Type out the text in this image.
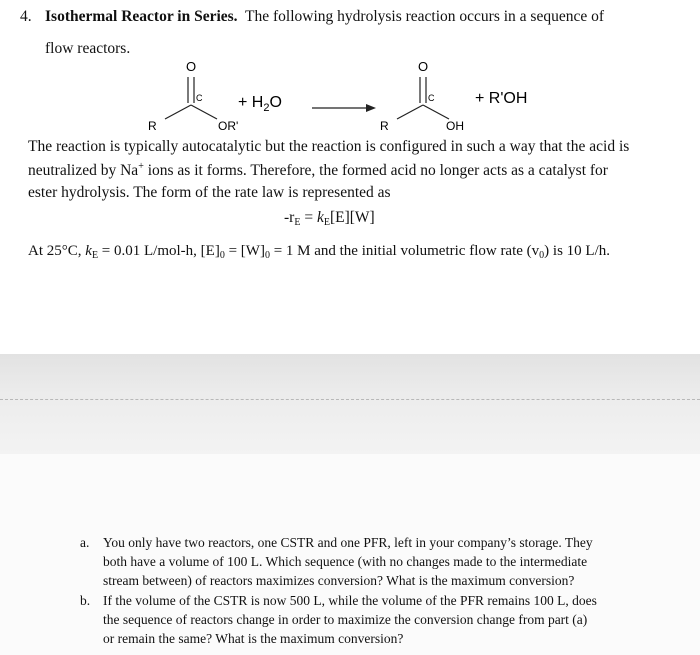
4. Isothermal Reactor in Series. The following hydrolysis reaction occurs in a sequence of
flow reactors.
O
C
R	OR'
+ $H_2O$
O
C
R	OH
+ R'OH
The reaction is typically autocatalytic but the reaction is configured in such a way that the acid is
neutralized by Na+ ions as it forms. Therefore, the formed acid no longer acts as a catalyst for
ester hydrolysis. The form of the rate law is represented as
$-r_E = k_E[E][W]$
At 25°C, $k_E = 0.01$ L/mol-h, $[E]_0 = [W]_0 = 1$ M and the initial volumetric flow rate $(v_0)$ is 10 L/h.
a. You only have two reactors, one CSTR and one PFR, left in your company’s storage. They
both have a volume of 100 L. Which sequence (with no changes made to the intermediate
stream between) of reactors maximizes conversion? What is the maximum conversion?
b. If the volume of the CSTR is now 500 L, while the volume of the PFR remains 100 L, does
the sequence of reactors change in order to maximize the conversion change from part (a)
or remain the same? What is the maximum conversion?
